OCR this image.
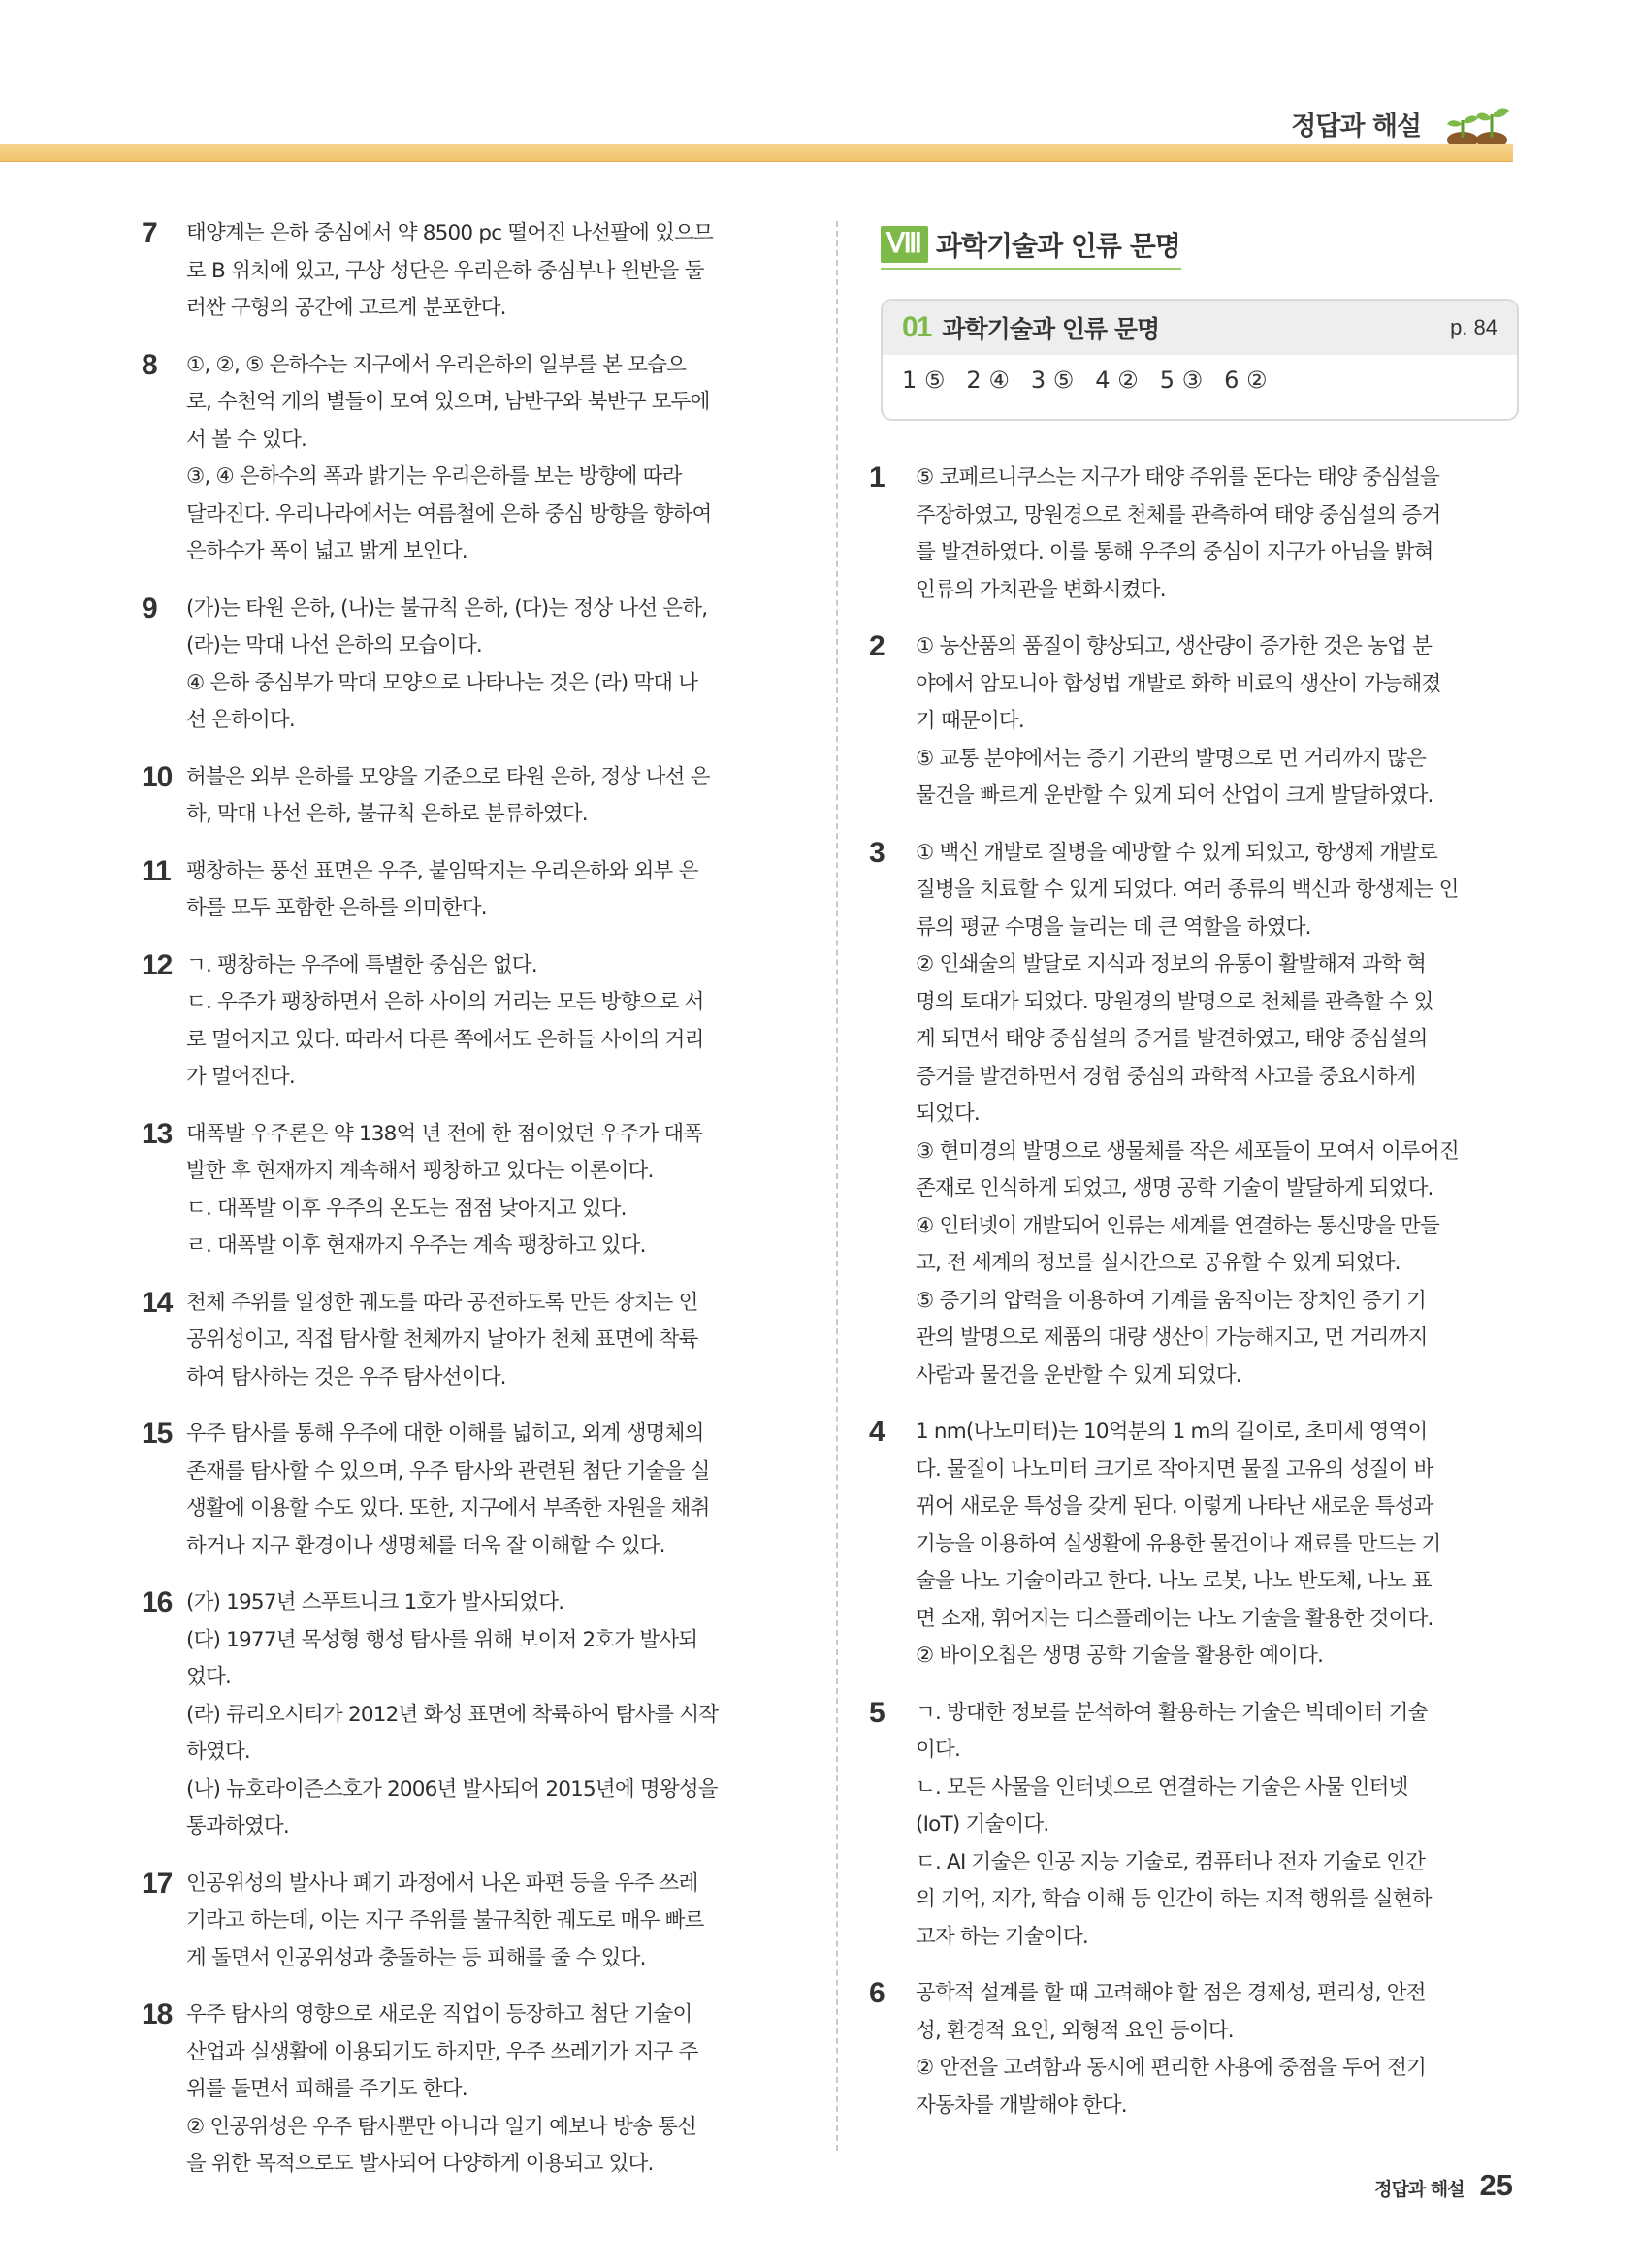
정답과 해설
7	태양계는 은하 중심에서 약 8500 pc 떨어진 나선팔에 있으므
로 B 위치에 있고, 구상 성단은 우리은하 중심부나 원반을 둘
러싼 구형의 공간에 고르게 분포한다.
8	①, ②, ⑤ 은하수는 지구에서 우리은하의 일부를 본 모습으
로, 수천억 개의 별들이 모여 있으며, 남반구와 북반구 모두에
서 볼 수 있다.
③, ④ 은하수의 폭과 밝기는 우리은하를 보는 방향에 따라
달라진다. 우리나라에서는 여름철에 은하 중심 방향을 향하여
은하수가 폭이 넓고 밝게 보인다.
9	(가)는 타원 은하, (나)는 불규칙 은하, (다)는 정상 나선 은하,
(라)는 막대 나선 은하의 모습이다.
④ 은하 중심부가 막대 모양으로 나타나는 것은 (라) 막대 나
선 은하이다.
10 허블은 외부 은하를 모양을 기준으로 타원 은하, 정상 나선 은
하, 막대 나선 은하, 불규칙 은하로 분류하였다.
11 팽창하는 풍선 표면은 우주, 붙임딱지는 우리은하와 외부 은
하를 모두 포함한 은하를 의미한다.
12 ㄱ. 팽창하는 우주에 특별한 중심은 없다.
ㄷ. 우주가 팽창하면서 은하 사이의 거리는 모든 방향으로 서
로 멀어지고 있다. 따라서 다른 쪽에서도 은하들 사이의 거리
가 멀어진다.
13 대폭발 우주론은 약 138억 년 전에 한 점이었던 우주가 대폭
발한 후 현재까지 계속해서 팽창하고 있다는 이론이다.
ㄷ. 대폭발 이후 우주의 온도는 점점 낮아지고 있다.
ㄹ. 대폭발 이후 현재까지 우주는 계속 팽창하고 있다.
14 천체 주위를 일정한 궤도를 따라 공전하도록 만든 장치는 인
공위성이고, 직접 탐사할 천체까지 날아가 천체 표면에 착륙
하여 탐사하는 것은 우주 탐사선이다.
15 우주 탐사를 통해 우주에 대한 이해를 넓히고, 외계 생명체의
존재를 탐사할 수 있으며, 우주 탐사와 관련된 첨단 기술을 실
생활에 이용할 수도 있다. 또한, 지구에서 부족한 자원을 채취
하거나 지구 환경이나 생명체를 더욱 잘 이해할 수 있다.
16 (가) 1957년 스푸트니크 1호가 발사되었다.
(다) 1977년 목성형 행성 탐사를 위해 보이저 2호가 발사되
었다.
(라) 큐리오시티가 2012년 화성 표면에 착륙하여 탐사를 시작
하였다.
(나) 뉴호라이즌스호가 2006년 발사되어 2015년에 명왕성을
통과하였다.
17 인공위성의 발사나 폐기 과정에서 나온 파편 등을 우주 쓰레
기라고 하는데, 이는 지구 주위를 불규칙한 궤도로 매우 빠르
게 돌면서 인공위성과 충돌하는 등 피해를 줄 수 있다.
18 우주 탐사의 영향으로 새로운 직업이 등장하고 첨단 기술이
산업과 실생활에 이용되기도 하지만, 우주 쓰레기가 지구 주
위를 돌면서 피해를 주기도 한다.
② 인공위성은 우주 탐사뿐만 아니라 일기 예보나 방송 통신
을 위한 목적으로도 발사되어 다양하게 이용되고 있다.
Ⅷ 과학기술과 인류 문명
01 과학기술과 인류 문명	p. 84
1 ⑤ 2 ④ 3 ⑤ 4 ② 5 ③ 6 ②
1	⑤ 코페르니쿠스는 지구가 태양 주위를 돈다는 태양 중심설을
주장하였고, 망원경으로 천체를 관측하여 태양 중심설의 증거
를 발견하였다. 이를 통해 우주의 중심이 지구가 아님을 밝혀
인류의 가치관을 변화시켰다.
2	① 농산품의 품질이 향상되고, 생산량이 증가한 것은 농업 분
야에서 암모니아 합성법 개발로 화학 비료의 생산이 가능해졌
기 때문이다.
⑤ 교통 분야에서는 증기 기관의 발명으로 먼 거리까지 많은
물건을 빠르게 운반할 수 있게 되어 산업이 크게 발달하였다.
3	① 백신 개발로 질병을 예방할 수 있게 되었고, 항생제 개발로
질병을 치료할 수 있게 되었다. 여러 종류의 백신과 항생제는 인
류의 평균 수명을 늘리는 데 큰 역할을 하였다.
② 인쇄술의 발달로 지식과 정보의 유통이 활발해져 과학 혁
명의 토대가 되었다. 망원경의 발명으로 천체를 관측할 수 있
게 되면서 태양 중심설의 증거를 발견하였고, 태양 중심설의
증거를 발견하면서 경험 중심의 과학적 사고를 중요시하게
되었다.
③ 현미경의 발명으로 생물체를 작은 세포들이 모여서 이루어진
존재로 인식하게 되었고, 생명 공학 기술이 발달하게 되었다.
④ 인터넷이 개발되어 인류는 세계를 연결하는 통신망을 만들
고, 전 세계의 정보를 실시간으로 공유할 수 있게 되었다.
⑤ 증기의 압력을 이용하여 기계를 움직이는 장치인 증기 기
관의 발명으로 제품의 대량 생산이 가능해지고, 먼 거리까지
사람과 물건을 운반할 수 있게 되었다.
4	1 nm(나노미터)는 10억분의 1 m의 길이로, 초미세 영역이
다. 물질이 나노미터 크기로 작아지면 물질 고유의 성질이 바
뀌어 새로운 특성을 갖게 된다. 이렇게 나타난 새로운 특성과
기능을 이용하여 실생활에 유용한 물건이나 재료를 만드는 기
술을 나노 기술이라고 한다. 나노 로봇, 나노 반도체, 나노 표
면 소재, 휘어지는 디스플레이는 나노 기술을 활용한 것이다.
② 바이오칩은 생명 공학 기술을 활용한 예이다.
5	ㄱ. 방대한 정보를 분석하여 활용하는 기술은 빅데이터 기술
이다.
ㄴ. 모든 사물을 인터넷으로 연결하는 기술은 사물 인터넷
(IoT) 기술이다.
ㄷ. AI 기술은 인공 지능 기술로, 컴퓨터나 전자 기술로 인간
의 기억, 지각, 학습 이해 등 인간이 하는 지적 행위를 실현하
고자 하는 기술이다.
6	공학적 설계를 할 때 고려해야 할 점은 경제성, 편리성, 안전
성, 환경적 요인, 외형적 요인 등이다.
② 안전을 고려함과 동시에 편리한 사용에 중점을 두어 전기
자동차를 개발해야 한다.
정답과 해설 25
